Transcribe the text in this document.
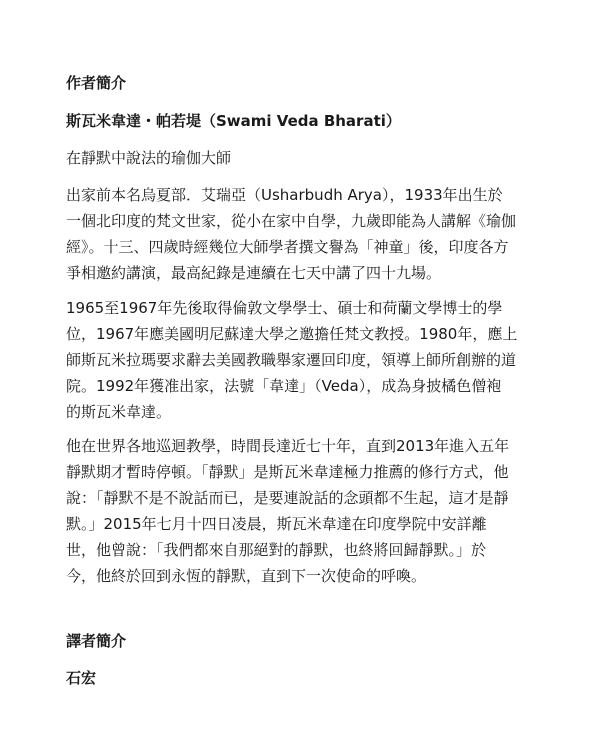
作者簡介
斯瓦米韋達・帕若堤（Swami Veda Bharati）

在靜默中說法的瑜伽大師

出家前本名烏夏部．艾瑞亞（Usharbudh Arya），1933年出生於
一個北印度的梵文世家，從小在家中自學，九歲即能為人講解《瑜伽
經》。十三、四歲時經幾位大師學者撰文譽為「神童」後，印度各方
爭相邀約講演，最高紀錄是連續在七天中講了四十九場。

1965至1967年先後取得倫敦文學學士、碩士和荷蘭文學博士的學
位，1967年應美國明尼蘇達大學之邀擔任梵文教授。1980年，應上
師斯瓦米拉瑪要求辭去美國教職舉家遷回印度，領導上師所創辦的道
院。1992年獲准出家，法號「韋達」（Veda），成為身披橘色僧袍
的斯瓦米韋達。

他在世界各地巡迴教學，時間長達近七十年，直到2013年進入五年
靜默期才暫時停頓。「靜默」是斯瓦米韋達極力推薦的修行方式，他
說：「靜默不是不說話而已，是要連說話的念頭都不生起，這才是靜
默。」2015年七月十四日凌晨，斯瓦米韋達在印度學院中安詳離
世，他曾說：「我們都來自那絕對的靜默，也終將回歸靜默。」於
今，他終於回到永恆的靜默，直到下一次使命的呼喚。

譯者簡介
石宏
